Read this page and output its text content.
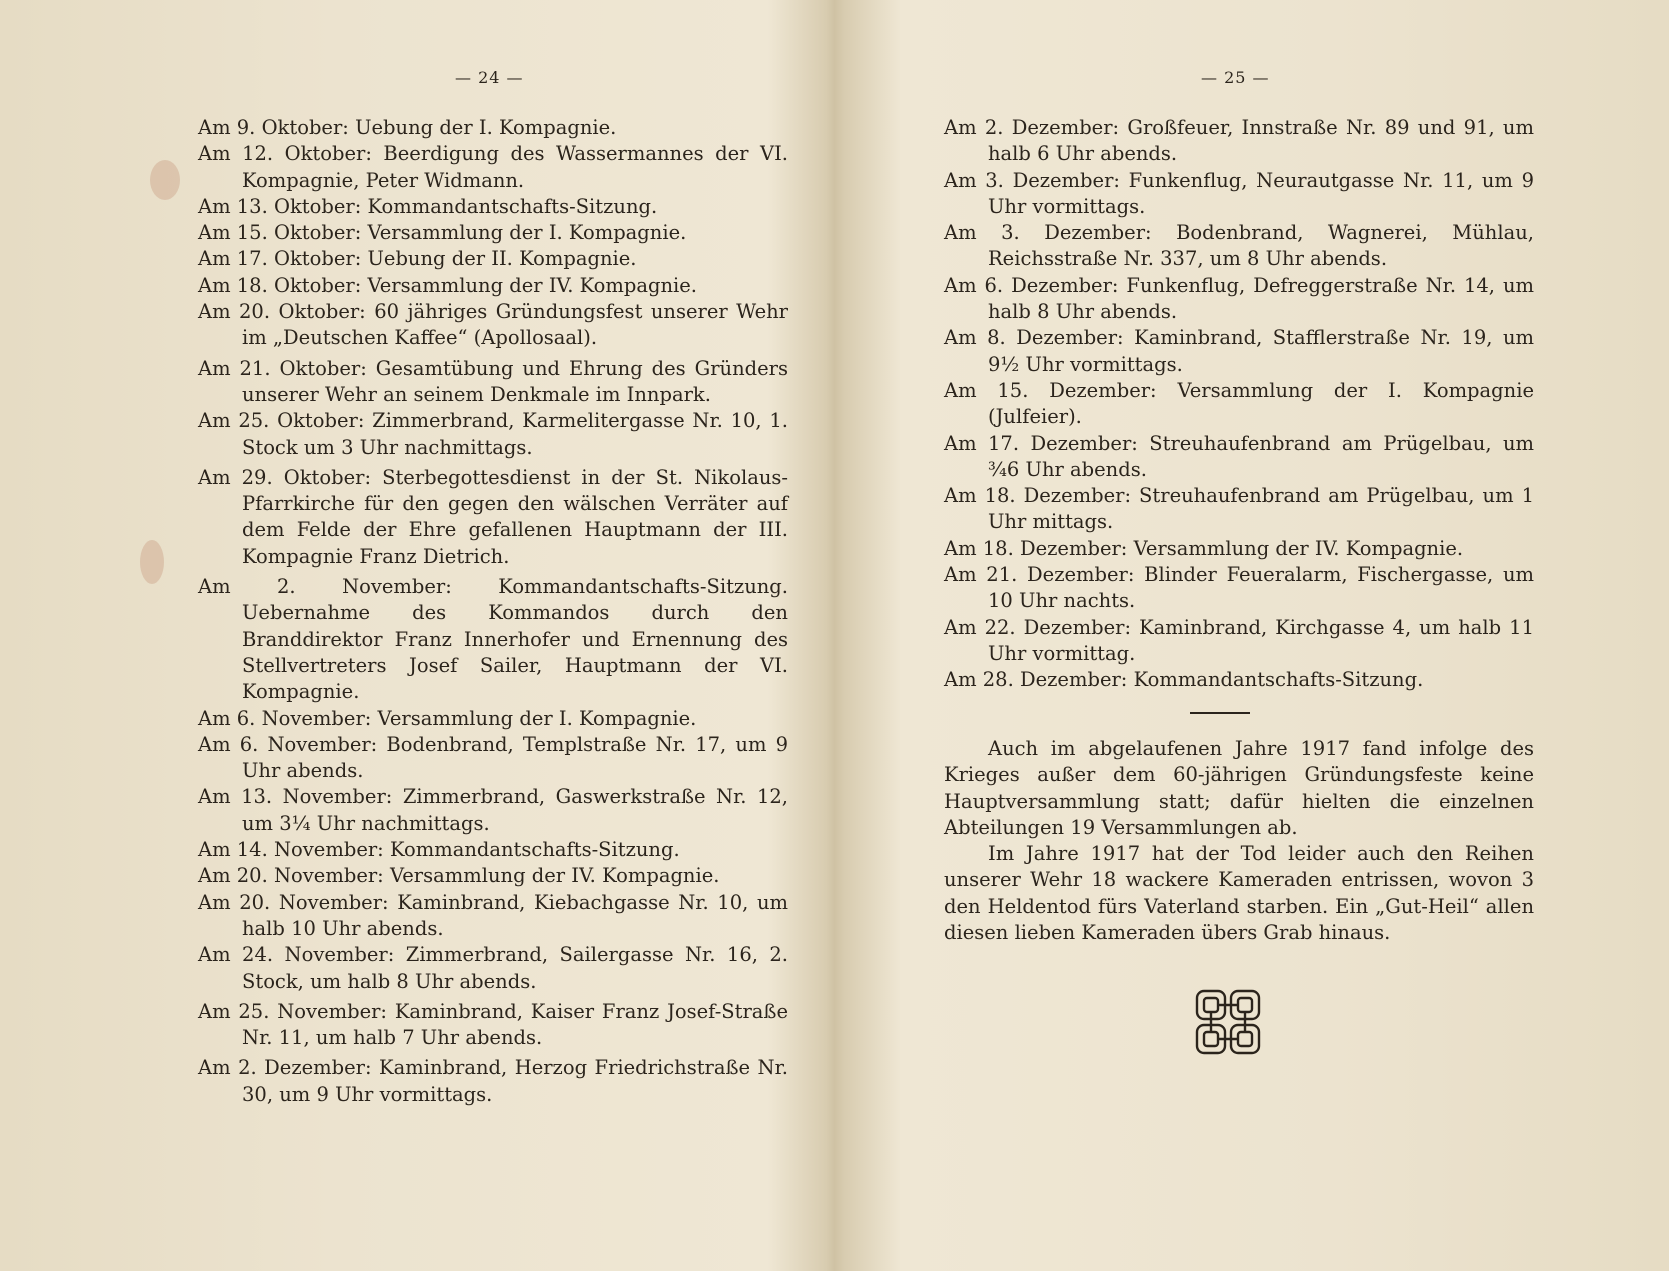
— 24 —
Am 9. Oktober: Uebung der I. Kompagnie.
Am 12. Oktober: Beerdigung des Wassermannes der VI. Kompagnie, Peter Widmann.
Am 13. Oktober: Kommandantschafts-Sitzung.
Am 15. Oktober: Versammlung der I. Kompagnie.
Am 17. Oktober: Uebung der II. Kompagnie.
Am 18. Oktober: Versammlung der IV. Kompagnie.
Am 20. Oktober: 60 jähriges Gründungsfest unserer Wehr im „Deutschen Kaffee“ (Apollosaal).
Am 21. Oktober: Gesamtübung und Ehrung des Gründers unserer Wehr an seinem Denkmale im Innpark.
Am 25. Oktober: Zimmerbrand, Karmelitergasse Nr. 10, 1. Stock um 3 Uhr nachmittags.
Am 29. Oktober: Sterbegottesdienst in der St. Nikolaus-Pfarrkirche für den gegen den wälschen Verräter auf dem Felde der Ehre gefallenen Hauptmann der III. Kompagnie Franz Dietrich.
Am 2. November: Kommandantschafts-Sitzung. Uebernahme des Kommandos durch den Branddirektor Franz Innerhofer und Ernennung des Stellvertreters Josef Sailer, Hauptmann der VI. Kompagnie.
Am 6. November: Versammlung der I. Kompagnie.
Am 6. November: Bodenbrand, Templstraße Nr. 17, um 9 Uhr abends.
Am 13. November: Zimmerbrand, Gaswerkstraße Nr. 12, um 3¼ Uhr nachmittags.
Am 14. November: Kommandantschafts-Sitzung.
Am 20. November: Versammlung der IV. Kompagnie.
Am 20. November: Kaminbrand, Kiebachgasse Nr. 10, um halb 10 Uhr abends.
Am 24. November: Zimmerbrand, Sailergasse Nr. 16, 2. Stock, um halb 8 Uhr abends.
Am 25. November: Kaminbrand, Kaiser Franz Josef-Straße Nr. 11, um halb 7 Uhr abends.
Am 2. Dezember: Kaminbrand, Herzog Friedrichstraße Nr. 30, um 9 Uhr vormittags.
— 25 —
Am 2. Dezember: Großfeuer, Innstraße Nr. 89 und 91, um halb 6 Uhr abends.
Am 3. Dezember: Funkenflug, Neurautgasse Nr. 11, um 9 Uhr vormittags.
Am 3. Dezember: Bodenbrand, Wagnerei, Mühlau, Reichsstraße Nr. 337, um 8 Uhr abends.
Am 6. Dezember: Funkenflug, Defreggerstraße Nr. 14, um halb 8 Uhr abends.
Am 8. Dezember: Kaminbrand, Stafflerstraße Nr. 19, um 9½ Uhr vormittags.
Am 15. Dezember: Versammlung der I. Kompagnie (Julfeier).
Am 17. Dezember: Streuhaufenbrand am Prügelbau, um ¾6 Uhr abends.
Am 18. Dezember: Streuhaufenbrand am Prügelbau, um 1 Uhr mittags.
Am 18. Dezember: Versammlung der IV. Kompagnie.
Am 21. Dezember: Blinder Feueralarm, Fischergasse, um 10 Uhr nachts.
Am 22. Dezember: Kaminbrand, Kirchgasse 4, um halb 11 Uhr vormittag.
Am 28. Dezember: Kommandantschafts-Sitzung.

Auch im abgelaufenen Jahre 1917 fand infolge des Krieges außer dem 60-jährigen Gründungsfeste keine Hauptversammlung statt; dafür hielten die einzelnen Abteilungen 19 Versammlungen ab.

Im Jahre 1917 hat der Tod leider auch den Reihen unserer Wehr 18 wackere Kameraden entrissen, wovon 3 den Heldentod fürs Vaterland starben. Ein „Gut-Heil“ allen diesen lieben Kameraden übers Grab hinaus.
